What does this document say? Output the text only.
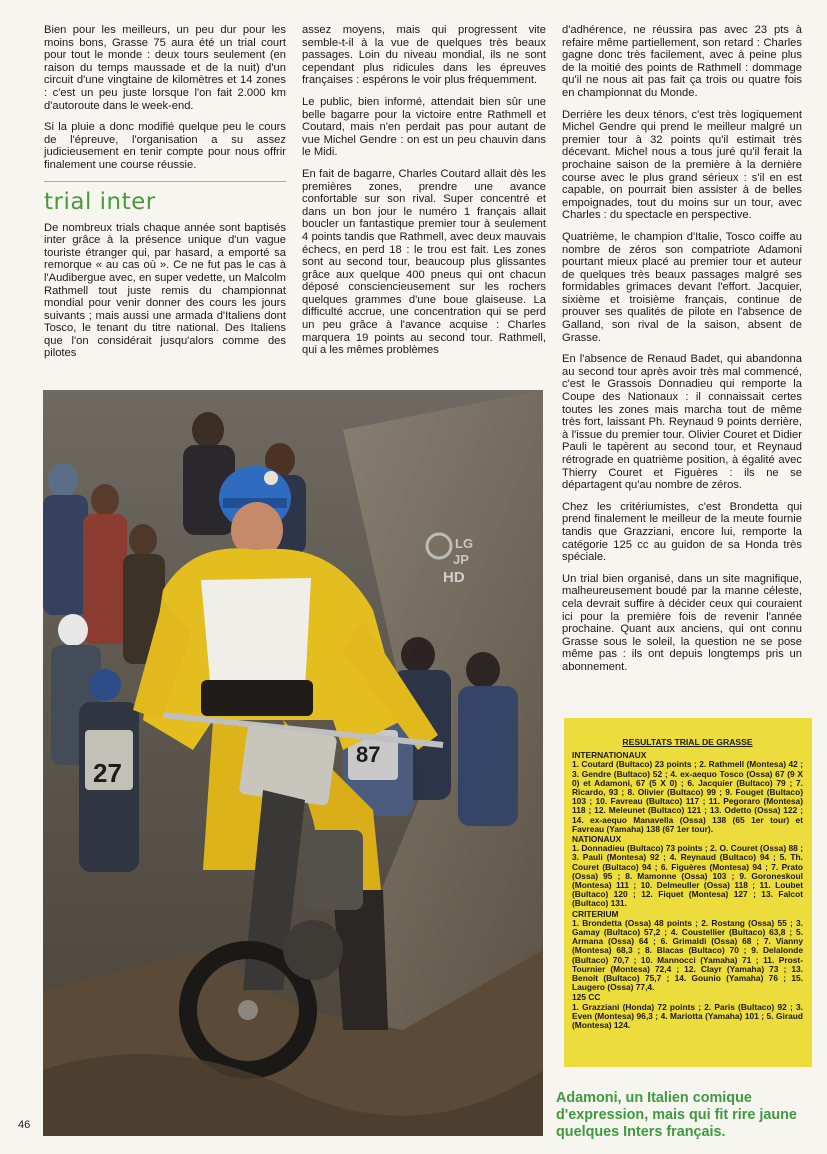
Bien pour les meilleurs, un peu dur pour les moins bons, Grasse 75 aura été un trial court pour tout le monde : deux tours seulement (en raison du temps maussade et de la nuit) d'un circuit d'une vingtaine de kilomètres et 14 zones : c'est un peu juste lorsque l'on fait 2.000 km d'autoroute dans le week-end.

Si la pluie a donc modifié quelque peu le cours de l'épreuve, l'organisation a su assez judicieusement en tenir compte pour nous offrir finalement une course réussie.

trial inter

De nombreux trials chaque année sont baptisés inter grâce à la présence unique d'un vague touriste étranger qui, par hasard, a emporté sa remorque « au cas où ». Ce ne fut pas le cas à l'Audibergue avec, en super vedette, un Malcolm Rathmell tout juste remis du championnat mondial pour venir donner des cours les jours suivants ; mais aussi une armada d'Italiens dont Tosco, le tenant du titre national. Des Italiens que l'on considérait jusqu'alors comme des pilotes

assez moyens, mais qui progressent vite semble-t-il à la vue de quelques très beaux passages. Loin du niveau mondial, ils ne sont cependant plus ridicules dans les épreuves françaises : espérons le voir plus fréquemment.

Le public, bien informé, attendait bien sûr une belle bagarre pour la victoire entre Rathmell et Coutard, mais n'en perdait pas pour autant de vue Michel Gendre : on est un peu chauvin dans le Midi.

En fait de bagarre, Charles Coutard allait dès les premières zones, prendre une avance confortable sur son rival. Super concentré et dans un bon jour le numéro 1 français allait boucler un fantastique premier tour à seulement 4 points tandis que Rathmell, avec deux mauvais échecs, en perd 18 : le trou est fait. Les zones sont au second tour, beaucoup plus glissantes grâce aux quelque 400 pneus qui ont chacun déposé consciencieusement sur les rochers quelques grammes d'une boue glaiseuse. La difficulté accrue, une concentration qui se perd un peu grâce à l'avance acquise : Charles marquera 19 points au second tour. Rathmell, qui a les mêmes problèmes

d'adhérence, ne réussira pas avec 23 pts à refaire même partiellement, son retard : Charles gagne donc très facilement, avec à peine plus de la moitié des points de Rathmell : dommage qu'il ne nous ait pas fait ça trois ou quatre fois en championnat du Monde.

Derrière les deux ténors, c'est très logiquement Michel Gendre qui prend le meilleur malgré un premier tour à 32 points qu'il estimait très décevant. Michel nous a tous juré qu'il ferait la prochaine saison de la première à la dernière course avec le plus grand sérieux : s'il en est capable, on pourrait bien assister à de belles empoignades, tout du moins sur un tour, avec Charles : du spectacle en perspective.

Quatrième, le champion d'Italie, Tosco coiffe au nombre de zéros son compatriote Adamoni pourtant mieux placé au premier tour et auteur de quelques très beaux passages malgré ses formidables grimaces devant l'effort. Jacquier, sixième et troisième français, continue de prouver ses qualités de pilote en l'absence de Galland, son rival de la saison, absent de Grasse.

En l'absence de Renaud Badet, qui abandonna au second tour après avoir très mal commencé, c'est le Grassois Donnadieu qui remporte la Coupe des Nationaux : il connaissait certes toutes les zones mais marcha tout de même très fort, laissant Ph. Reynaud 9 points derrière, à l'issue du premier tour. Olivier Couret et Didier Pauli le tapèrent au second tour, et Reynaud rétrograde en quatrième position, à égalité avec Thierry Couret et Figuères : ils ne se départagent qu'au nombre de zéros.

Chez les critériumistes, c'est Brondetta qui prend finalement le meilleur de la meute fournie tandis que Grazziani, encore lui, remporte la catégorie 125 cc au guidon de sa Honda très spéciale.

Un trial bien organisé, dans un site magnifique, malheureusement boudé par la manne céleste, cela devrait suffire à décider ceux qui couraient ici pour la première fois de revenir l'année prochaine. Quant aux anciens, qui ont connu Grasse sous le soleil, la question ne se pose même pas : ils ont depuis longtemps pris un abonnement.

27
87
LG
JP
HD
RESULTATS TRIAL DE GRASSE
INTERNATIONAUX
1. Coutard (Bultaco) 23 points ; 2. Rathmell (Montesa) 42 ; 3. Gendre (Bultaco) 52 ; 4. ex-aequo Tosco (Ossa) 67 (9 X 0) et Adamoni, 67 (5 X 0) ; 6. Jacquier (Bultaco) 79 ; 7. Ricardo, 93 ; 8. Olivier (Bultaco) 99 ; 9. Fouget (Bultaco) 103 ; 10. Favreau (Bultaco) 117 ; 11. Pegoraro (Montesa) 118 ; 12. Meleunet (Bultaco) 121 ; 13. Odetto (Ossa) 122 ; 14. ex-aequo Manavella (Ossa) 138 (65 1er tour) et Favreau (Yamaha) 138 (67 1er tour).
NATIONAUX
1. Donnadieu (Bultaco) 73 points ; 2. O. Couret (Ossa) 88 ; 3. Pauli (Montesa) 92 ; 4. Reynaud (Bultaco) 94 ; 5. Th. Couret (Bultaco) 94 ; 6. Figuères (Montesa) 94 ; 7. Prato (Ossa) 95 ; 8. Mamonne (Ossa) 103 ; 9. Goroneskoul (Montesa) 111 ; 10. Delmeuller (Ossa) 118 ; 11. Loubet (Bultaco) 120 ; 12. Fiquet (Montesa) 127 ; 13. Falcot (Bultaco) 131.
CRITERIUM
1. Brondetta (Ossa) 48 points ; 2. Rostang (Ossa) 55 ; 3. Gamay (Bultaco) 57,2 ; 4. Coustellier (Bultaco) 63,8 ; 5. Armana (Ossa) 64 ; 6. Grimaldi (Ossa) 68 ; 7. Vianny (Montesa) 68,3 ; 8. Blacas (Bultaco) 70 ; 9. Delalonde (Bultaco) 70,7 ; 10. Mannocci (Yamaha) 71 ; 11. Prost-Tournier (Montesa) 72,4 ; 12. Clayr (Yamaha) 73 ; 13. Benoit (Bultaco) 75,7 ; 14. Gounio (Yamaha) 76 ; 15. Laugero (Ossa) 77,4.
125 CC
1. Grazziani (Honda) 72 points ; 2. Paris (Bultaco) 92 ; 3. Even (Montesa) 96,3 ; 4. Mariotta (Yamaha) 101 ; 5. Giraud (Montesa) 124.
Adamoni, un Italien comique
d'expression, mais qui fit rire jaune
quelques Inters français.
46
